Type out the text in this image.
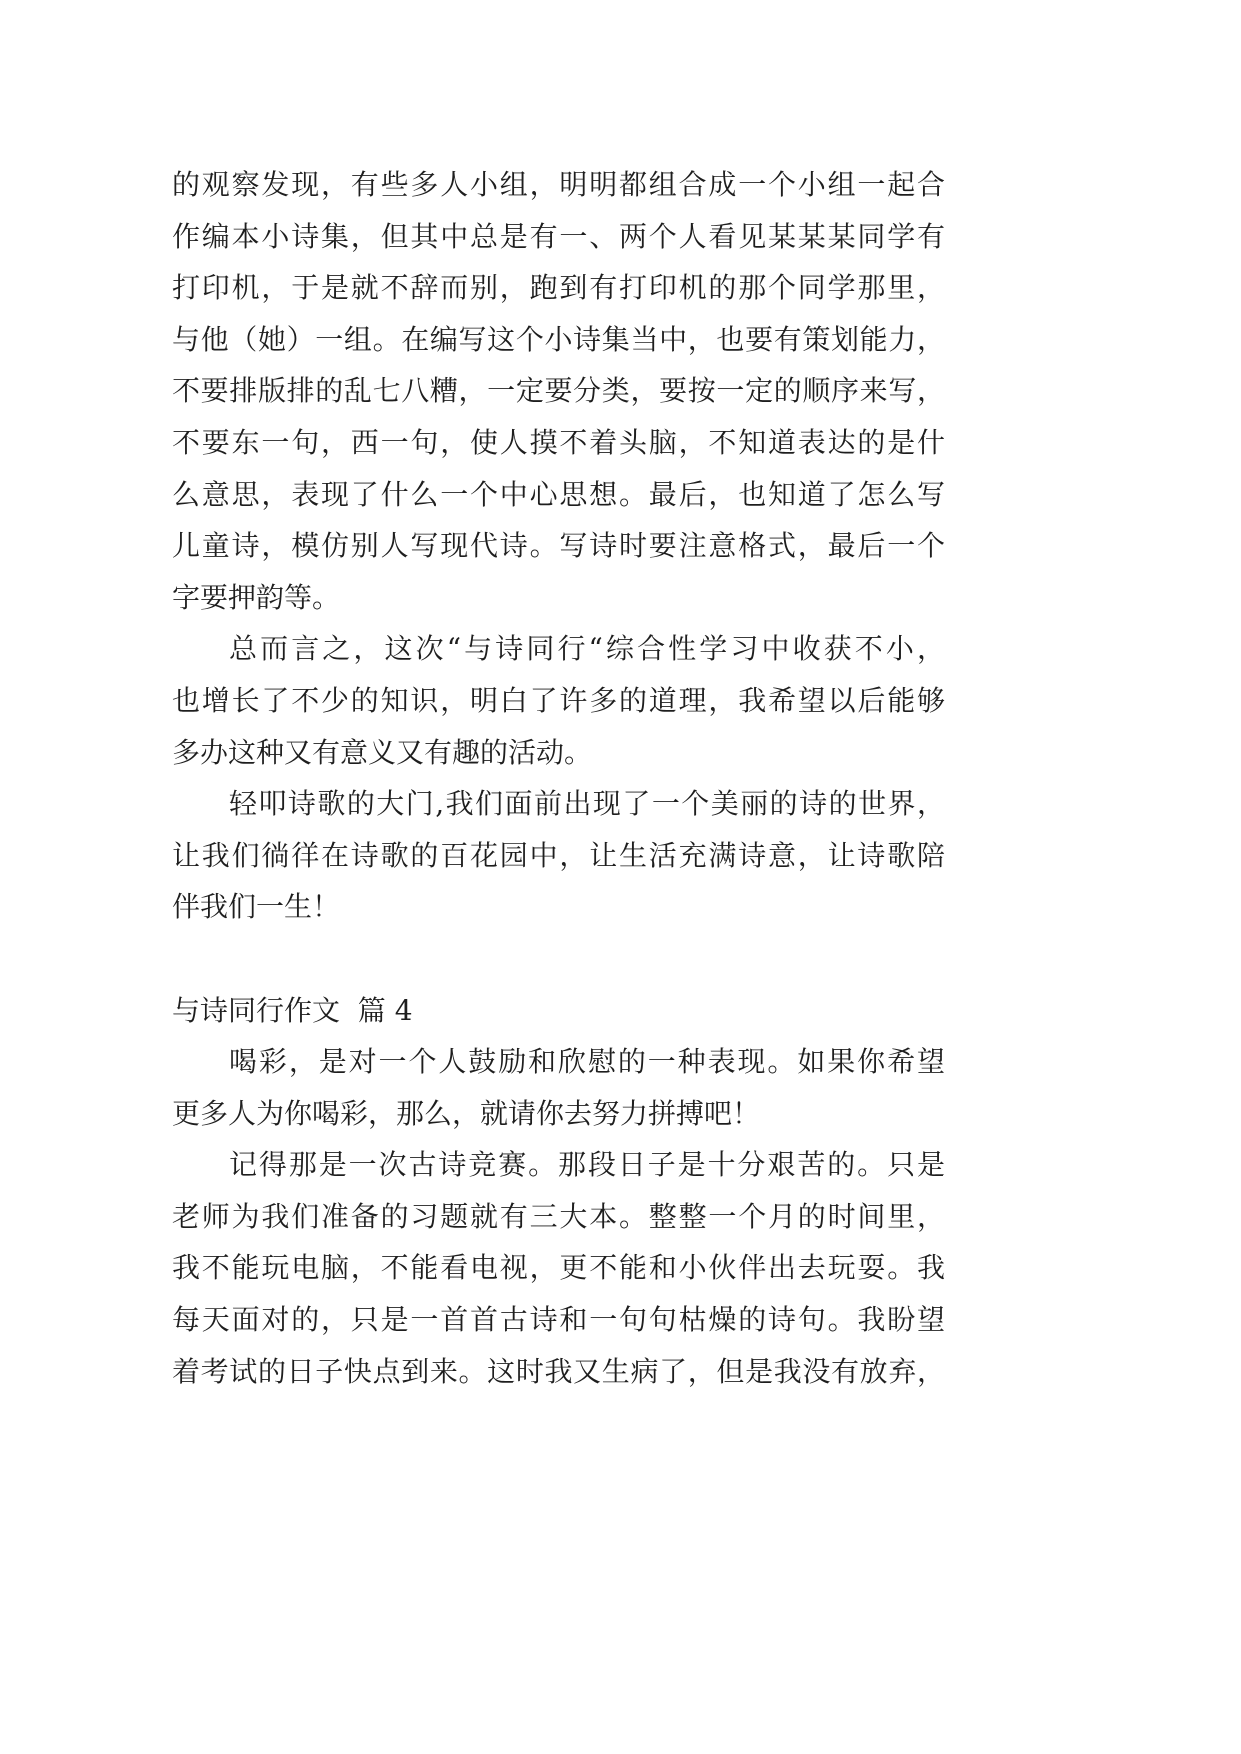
的观察发现，有些多人小组，明明都组合成一个小组一起合
作编本小诗集，但其中总是有一、两个人看见某某某同学有
打印机，于是就不辞而别，跑到有打印机的那个同学那里，
与他（她）一组。在编写这个小诗集当中，也要有策划能力，
不要排版排的乱七八糟，一定要分类，要按一定的顺序来写，
不要东一句，西一句，使人摸不着头脑，不知道表达的是什
么意思，表现了什么一个中心思想。最后，也知道了怎么写
儿童诗，模仿别人写现代诗。写诗时要注意格式，最后一个
字要押韵等。
总而言之，这次“与诗同行“综合性学习中收获不小，
也增长了不少的知识，明白了许多的道理，我希望以后能够
多办这种又有意义又有趣的活动。
轻叩诗歌的大门,我们面前出现了一个美丽的诗的世界，
让我们徜徉在诗歌的百花园中，让生活充满诗意，让诗歌陪
伴我们一生！
与诗同行作文  篇 4
喝彩，是对一个人鼓励和欣慰的一种表现。如果你希望
更多人为你喝彩，那么，就请你去努力拼搏吧！
记得那是一次古诗竞赛。那段日子是十分艰苦的。只是
老师为我们准备的习题就有三大本。整整一个月的时间里，
我不能玩电脑，不能看电视，更不能和小伙伴出去玩耍。我
每天面对的，只是一首首古诗和一句句枯燥的诗句。我盼望
着考试的日子快点到来。这时我又生病了，但是我没有放弃，
